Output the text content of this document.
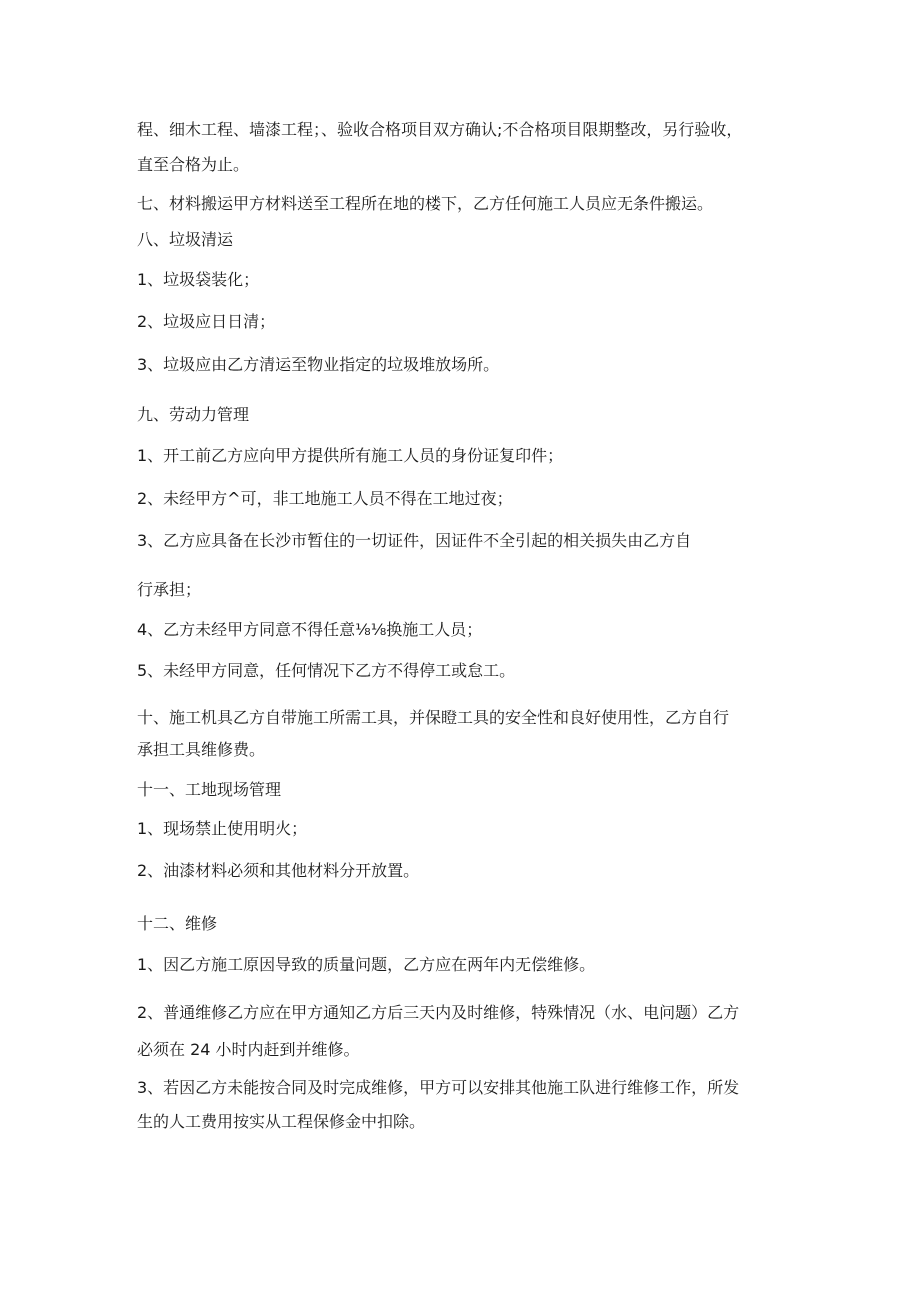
程、细木工程、墙漆工程；、验收合格项目双方确认;不合格项目限期整改，另行验收，
直至合格为止。
七、材料搬运甲方材料送至工程所在地的楼下，乙方任何施工人员应无条件搬运。
八、垃圾清运
1、垃圾袋装化；
2、垃圾应日日清；
3、垃圾应由乙方清运至物业指定的垃圾堆放场所。
九、劳动力管理
1、开工前乙方应向甲方提供所有施工人员的身份证复印件；
2、未经甲方^可，非工地施工人员不得在工地过夜；
3、乙方应具备在长沙市暂住的一切证件，因证件不全引起的相关损失由乙方自
行承担；
4、乙方未经甲方同意不得任意⅛⅛换施工人员；
5、未经甲方同意，任何情况下乙方不得停工或怠工。
十、施工机具乙方自带施工所需工具，并保瞪工具的安全性和良好使用性，乙方自行
承担工具维修费。
十一、工地现场管理
1、现场禁止使用明火；
2、油漆材料必须和其他材料分开放置。
十二、维修
1、因乙方施工原因导致的质量问题，乙方应在两年内无偿维修。
2、普通维修乙方应在甲方通知乙方后三天内及时维修，特殊情况（水、电问题）乙方
必须在 24 小时内赶到并维修。
3、若因乙方未能按合同及时完成维修，甲方可以安排其他施工队进行维修工作，所发
生的人工费用按实从工程保修金中扣除。
